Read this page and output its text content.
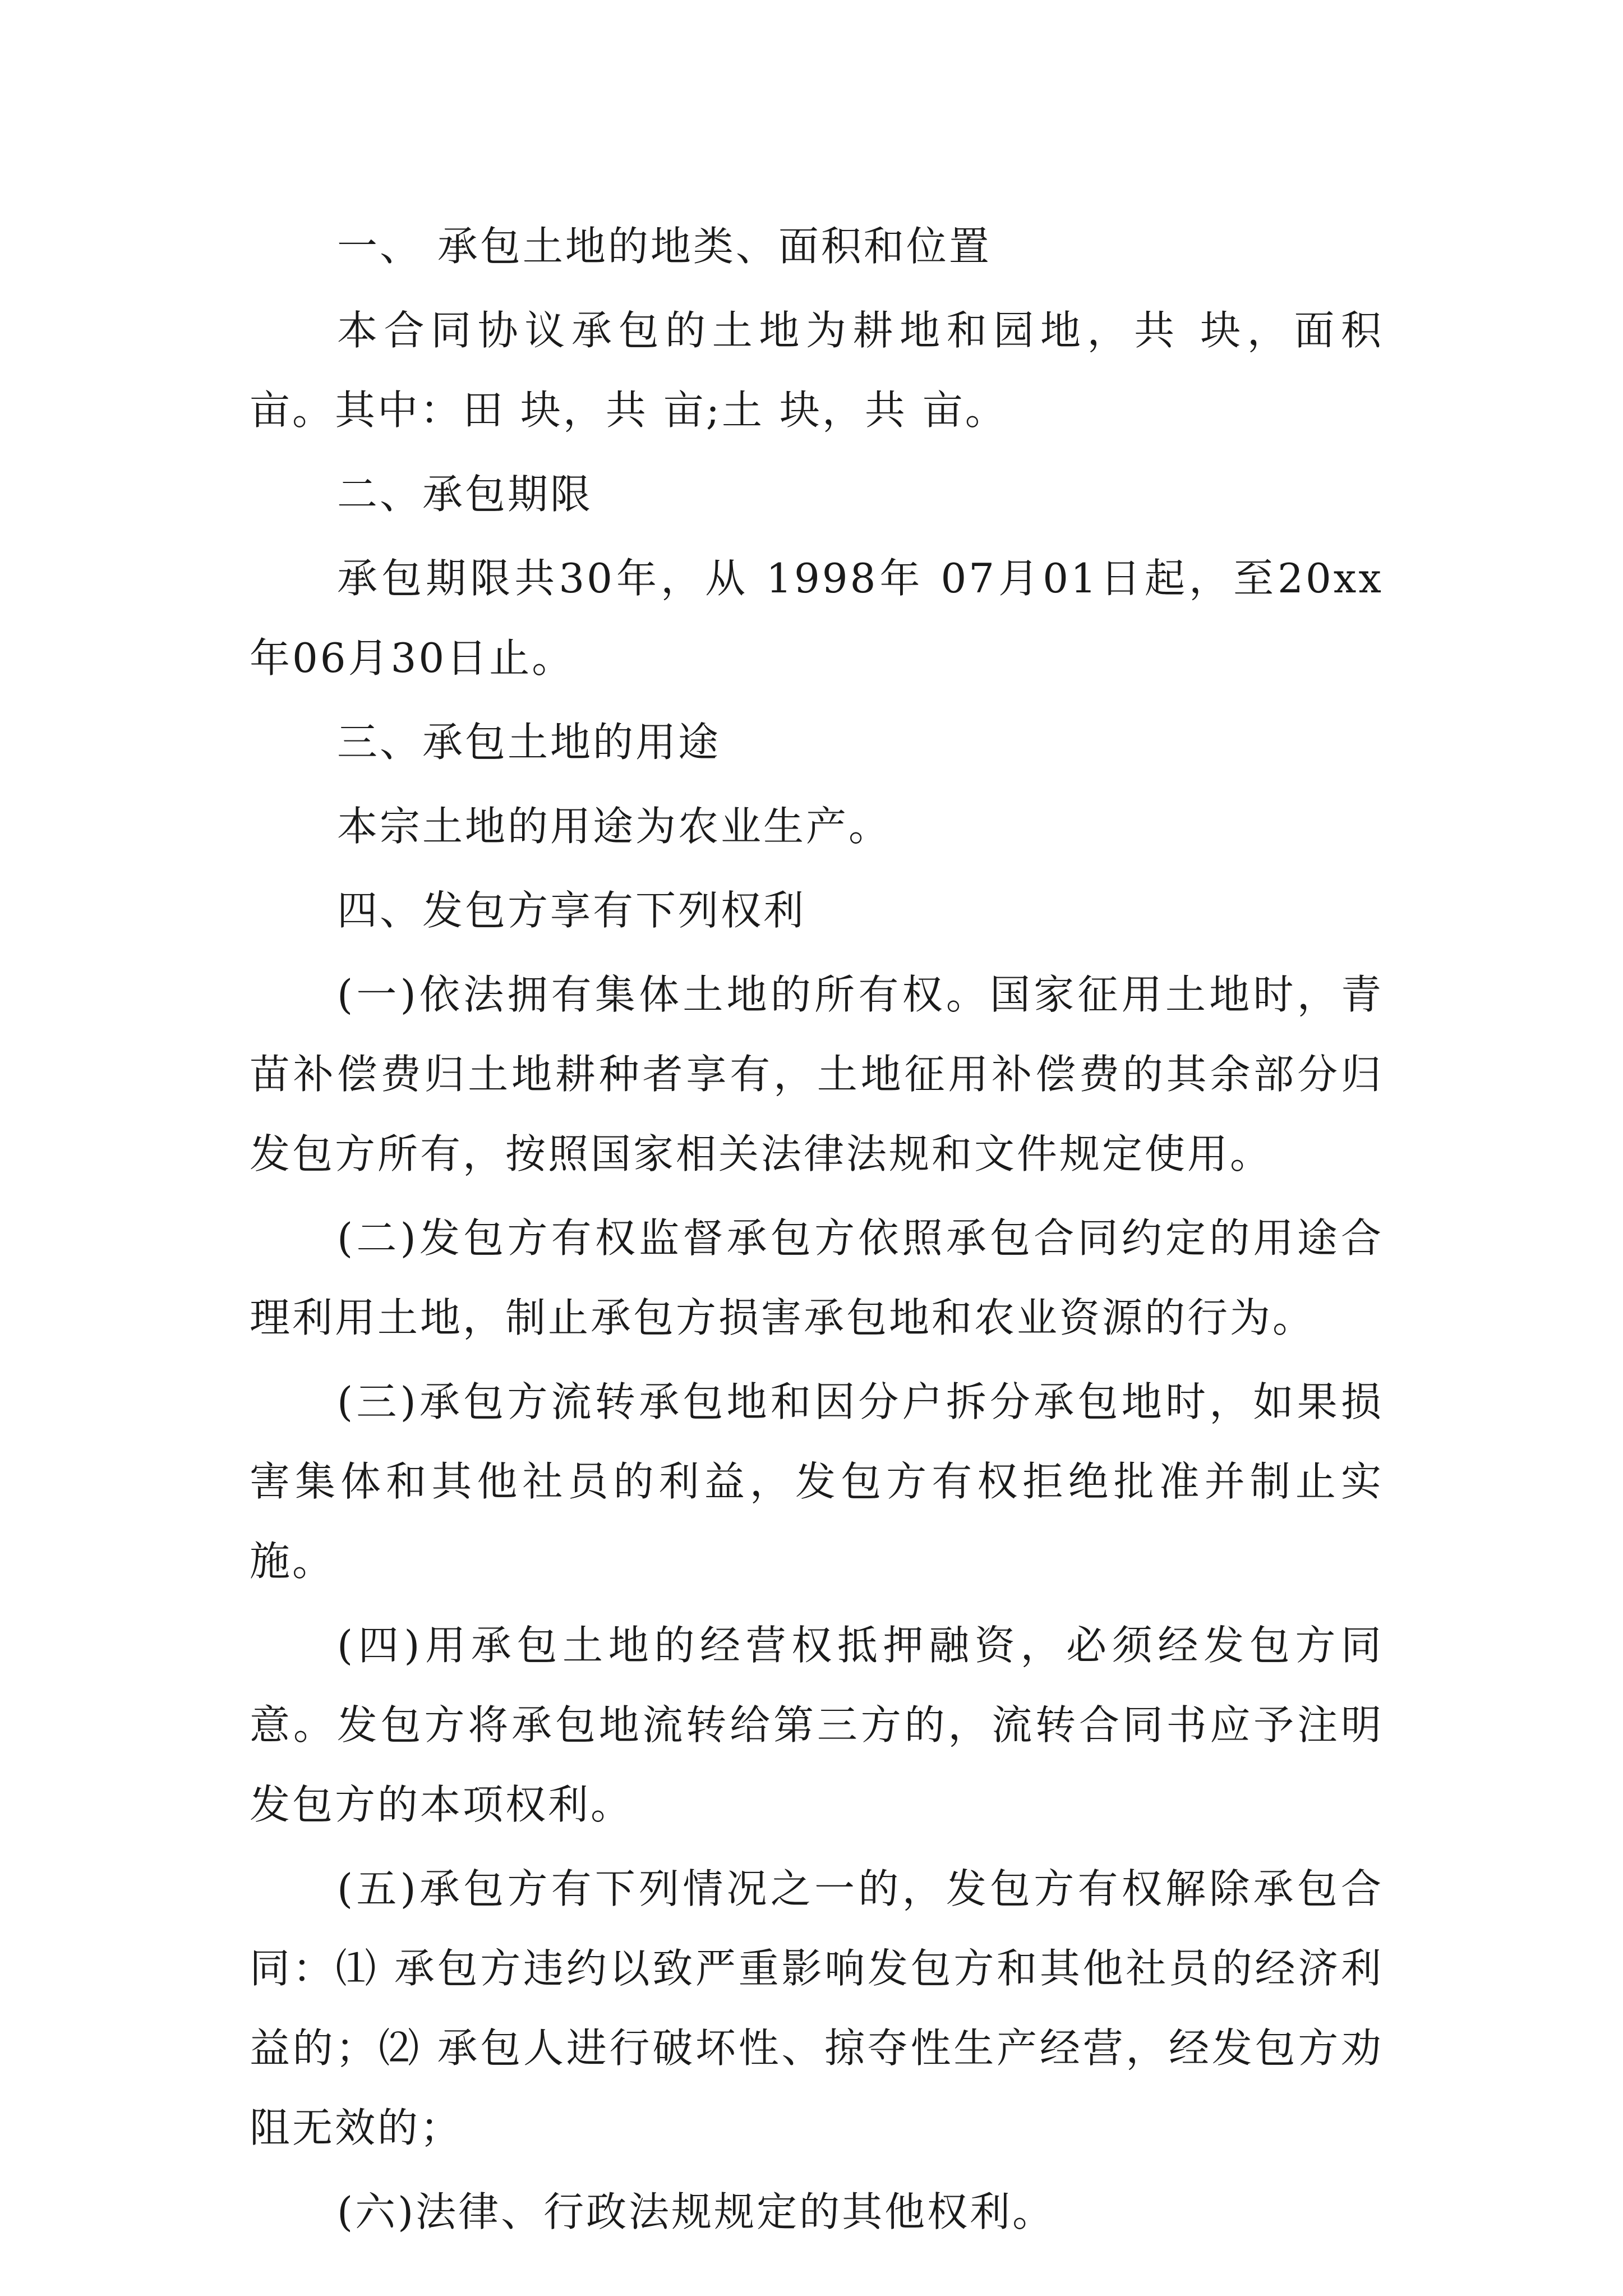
一、 承包土地的地类、面积和位置

本合同协议承包的土地为耕地和园地，共 块，面积 亩。其中：田 块，共 亩;土 块，共 亩。

二、承包期限

承包期限共30年，从 1998年 07月01日起，至20xx年06月30日止。

三、承包土地的用途

本宗土地的用途为农业生产。

四、发包方享有下列权利

(一)依法拥有集体土地的所有权。国家征用土地时，青苗补偿费归土地耕种者享有，土地征用补偿费的其余部分归发包方所有，按照国家相关法律法规和文件规定使用。

(二)发包方有权监督承包方依照承包合同约定的用途合理利用土地，制止承包方损害承包地和农业资源的行为。

(三)承包方流转承包地和因分户拆分承包地时，如果损害集体和其他社员的利益，发包方有权拒绝批准并制止实施。

(四)用承包土地的经营权抵押融资，必须经发包方同意。发包方将承包地流转给第三方的，流转合同书应予注明发包方的本项权利。

(五)承包方有下列情况之一的，发包方有权解除承包合同：⑴ 承包方违约以致严重影响发包方和其他社员的经济利益的；⑵ 承包人进行破坏性、掠夺性生产经营，经发包方劝阻无效的；

(六)法律、行政法规规定的其他权利。
